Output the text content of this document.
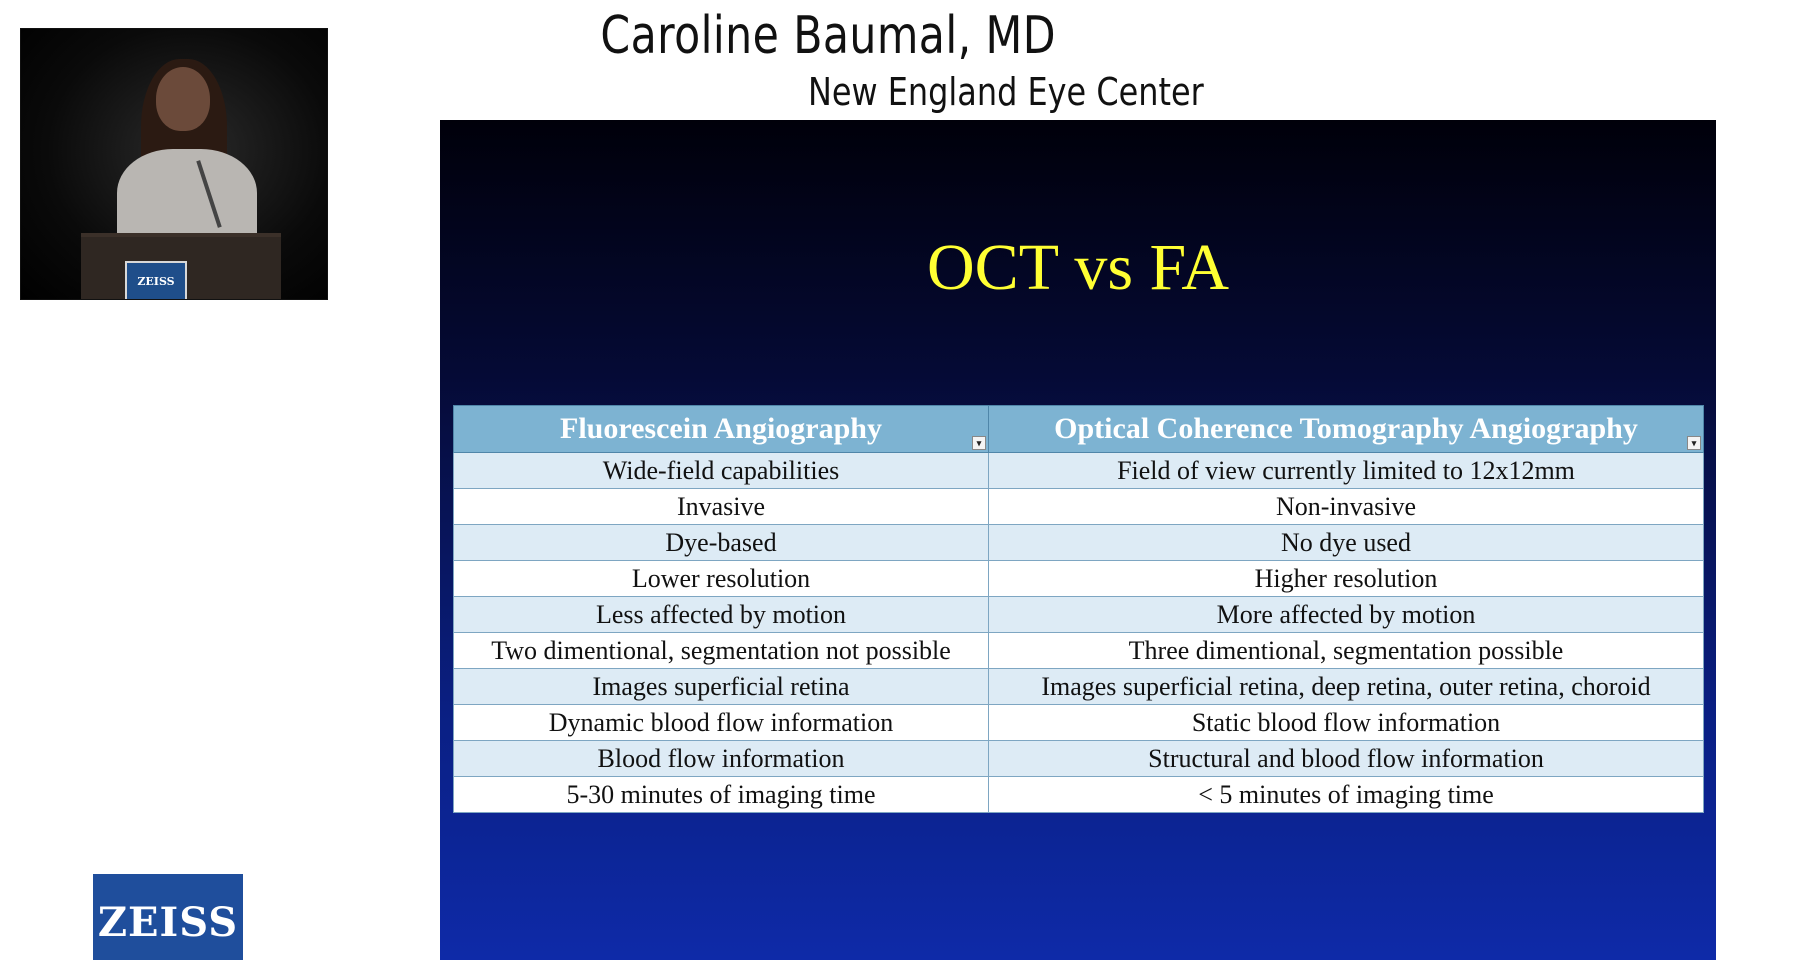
ZEISS
Caroline Baumal, MD
New England Eye Center
OCT vs FA
Fluorescein Angiography ▾	Optical Coherence Tomography Angiography ▾

Wide-field capabilities	Field of view currently limited to 12x12mm
Invasive	Non-invasive
Dye-based	No dye used
Lower resolution	Higher resolution
Less affected by motion	More affected by motion
Two dimentional, segmentation not possible	Three dimentional, segmentation possible
Images superficial retina	Images superficial retina, deep retina, outer retina, choroid
Dynamic blood flow information	Static blood flow information
Blood flow information	Structural and blood flow information
5-30 minutes of imaging time	< 5 minutes of imaging time
ZEISS
